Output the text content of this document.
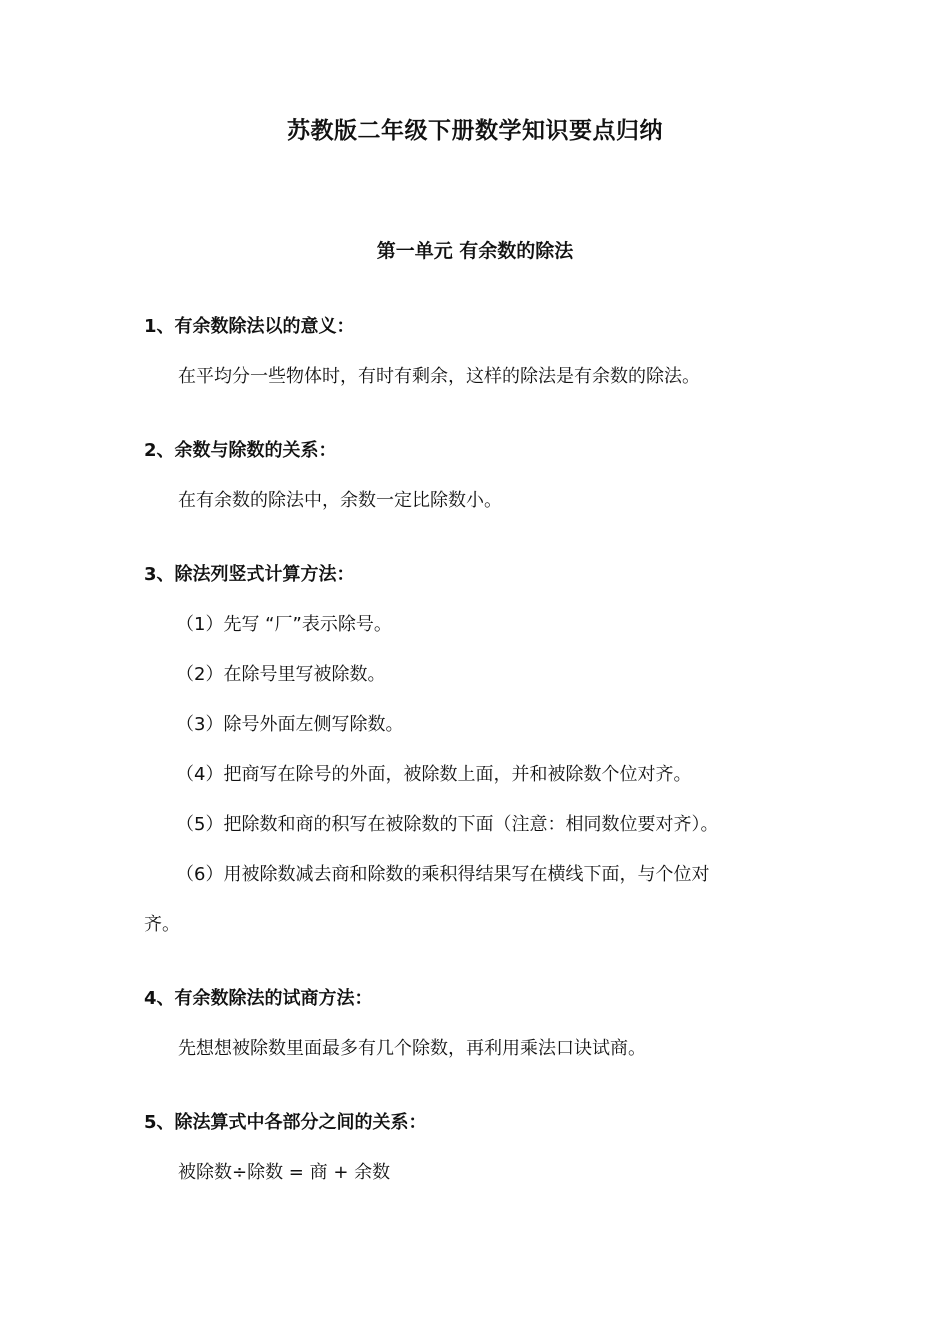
苏教版二年级下册数学知识要点归纳
第一单元 有余数的除法
1、有余数除法以的意义：
在平均分一些物体时，有时有剩余，这样的除法是有余数的除法。
2、余数与除数的关系：
在有余数的除法中，余数一定比除数小。
3、除法列竖式计算方法：
（1）先写 “厂”表示除号。
（2）在除号里写被除数。
（3）除号外面左侧写除数。
（4）把商写在除号的外面，被除数上面，并和被除数个位对齐。
（5）把除数和商的积写在被除数的下面（注意：相同数位要对齐）。
（6）用被除数减去商和除数的乘积得结果写在横线下面，与个位对
齐。
4、有余数除法的试商方法：
先想想被除数里面最多有几个除数，再利用乘法口诀试商。
5、除法算式中各部分之间的关系：
被除数÷除数 = 商 + 余数
